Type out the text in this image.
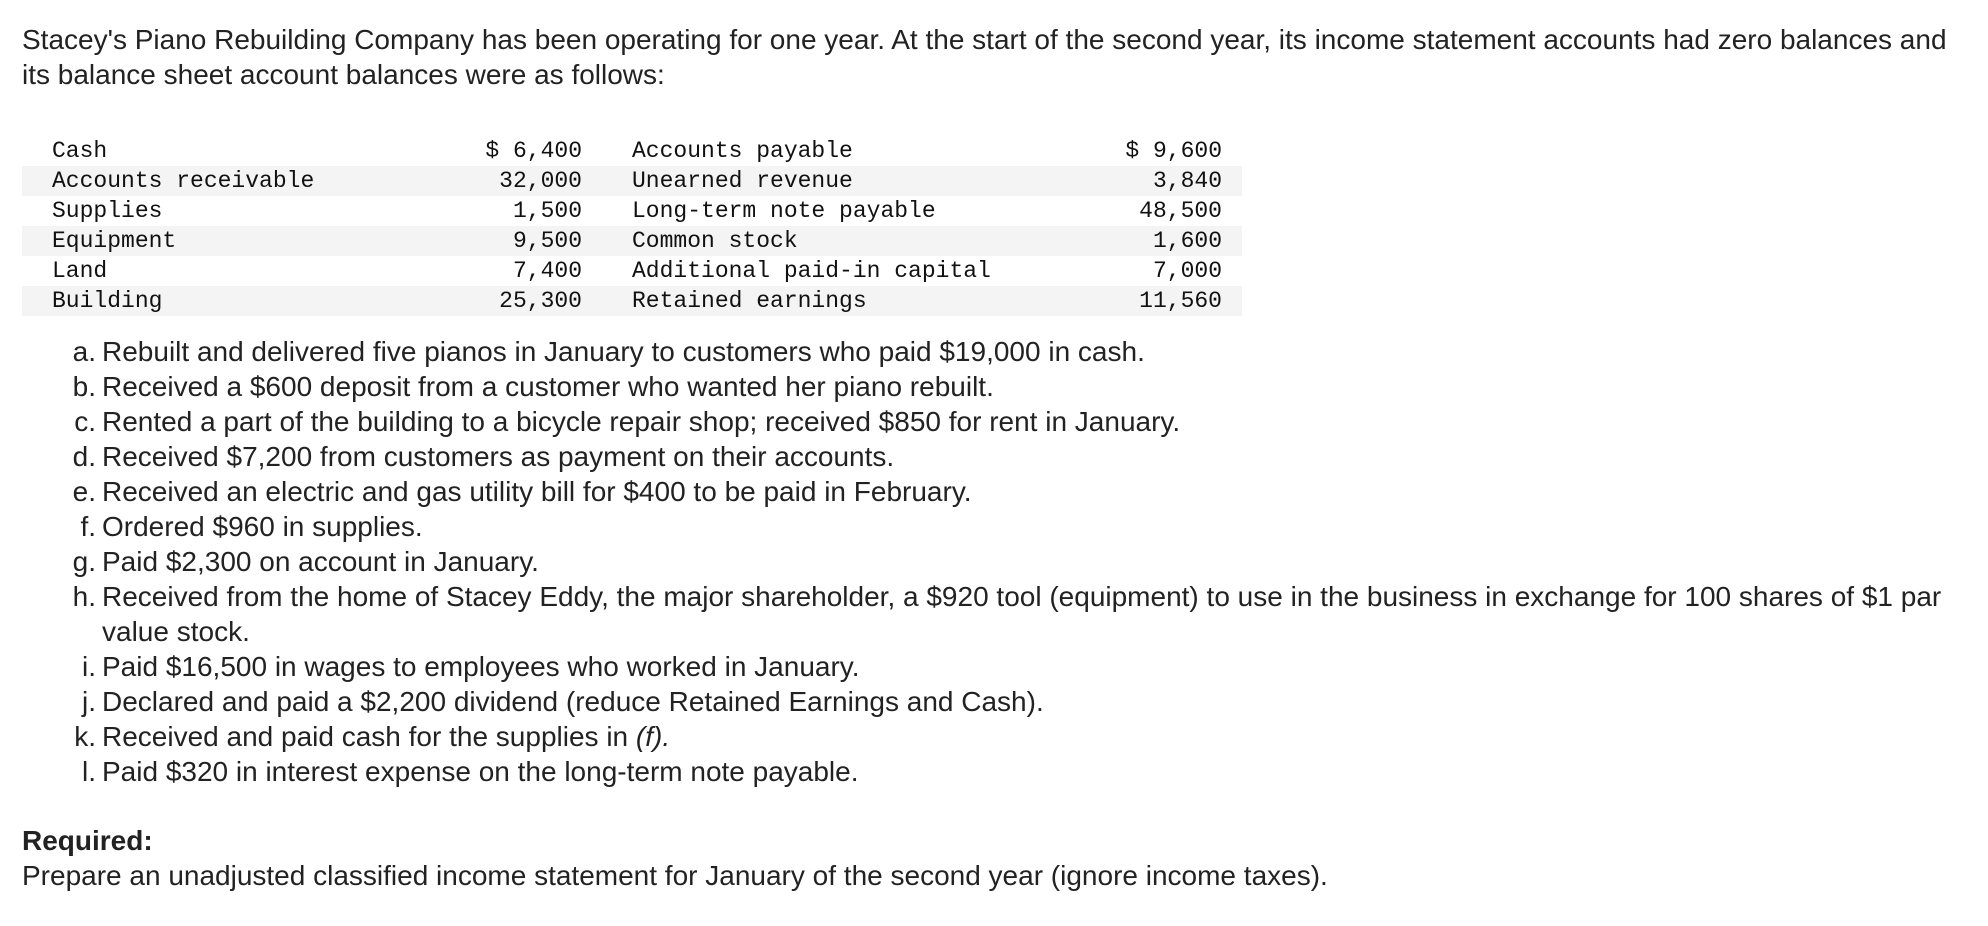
Stacey's Piano Rebuilding Company has been operating for one year. At the start of the second year, its income statement accounts had zero balances and its balance sheet account balances were as follows:

Cash	$ 6,400	Accounts payable	$ 9,600
Accounts receivable	32,000	Unearned revenue	3,840
Supplies	1,500	Long-term note payable	48,500
Equipment	9,500	Common stock	1,600
Land	7,400	Additional paid-in capital	7,000
Building	25,300	Retained earnings	11,560
a. Rebuilt and delivered five pianos in January to customers who paid $19,000 in cash.
b. Received a $600 deposit from a customer who wanted her piano rebuilt.
c. Rented a part of the building to a bicycle repair shop; received $850 for rent in January.
d. Received $7,200 from customers as payment on their accounts.
e. Received an electric and gas utility bill for $400 to be paid in February.
f. Ordered $960 in supplies.
g. Paid $2,300 on account in January.
h. Received from the home of Stacey Eddy, the major shareholder, a $920 tool (equipment) to use in the business in exchange for 100 shares of $1 par value stock.
i. Paid $16,500 in wages to employees who worked in January.
j. Declared and paid a $2,200 dividend (reduce Retained Earnings and Cash).
k. Received and paid cash for the supplies in (f).
l. Paid $320 in interest expense on the long-term note payable.
Required:
Prepare an unadjusted classified income statement for January of the second year (ignore income taxes).
